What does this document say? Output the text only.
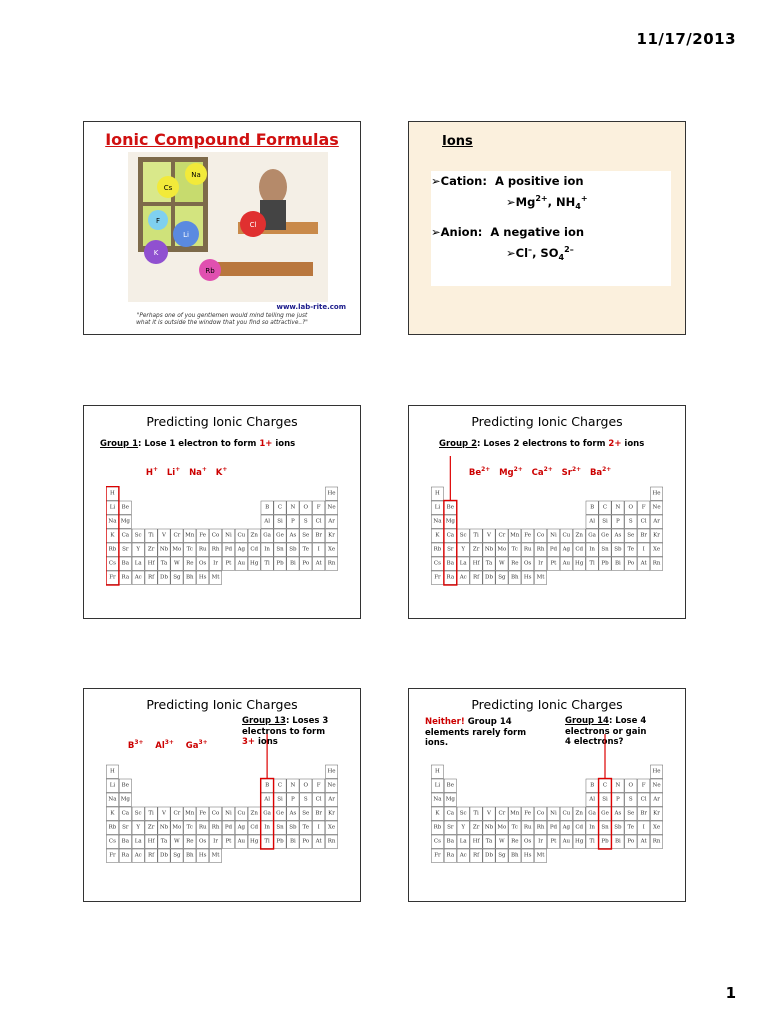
11/17/2013
Ionic Compound Formulas
Cs
Na
F
Li
Cl
K
Rb
www.lab-rite.com
"Perhaps one of you gentlemen would mind telling me just
what it is outside the window that you find so attractive..?"
Ions
➢Cation: A positive ion
$➢Mg^{2+}$, $NH_4^+$
➢Anion: A negative ion
➢Cl–, $SO_4^{2-}$
Predicting Ionic Charges
Group 1: Lose 1 electron to form 1+ ions

H+ Li+ Na+ K+

H	He
Li Be	B C N O F Ne
Na Mg	Al Si P S Cl Ar
K Ca Sc Ti V Cr Mn Fe Co Ni Cu Zn Ga Ge As Se Br Kr
Rb Sr Y Zr Nb Mo Tc Ru Rh Pd Ag Cd In Sn Sb Te I Xe
Cs Ba La Hf Ta W Re Os Ir Pt Au Hg Tl Pb Bi Po At Rn
Fr Ra Ac Rf Db Sg Bh Hs Mt
Predicting Ionic Charges
Group 2: Loses 2 electrons to form 2+ ions

$Be^{2+}$ $Mg^{2+}$ $Ca^{2+}$ $Sr^{2+}$ $Ba^{2+}$

H	He
Li Be	B C N O F Ne
Na Mg	Al Si P S Cl Ar
K Ca Sc Ti V Cr Mn Fe Co Ni Cu Zn Ga Ge As Se Br Kr
Rb Sr Y Zr Nb Mo Tc Ru Rh Pd Ag Cd In Sn Sb Te I Xe
Cs Ba La Hf Ta W Re Os Ir Pt Au Hg Tl Pb Bi Po At Rn
Fr Ra Ac Rf Db Sg Bh Hs Mt
Predicting Ionic Charges
Group 13: Loses 3
electrons to form
3+ ions

$B^{3+}$ $Al^{3+}$ $Ga^{3+}$

H	He
Li Be	B C N O F Ne
Na Mg	Al Si P S Cl Ar
K Ca Sc Ti V Cr Mn Fe Co Ni Cu Zn Ga Ge As Se Br Kr
Rb Sr Y Zr Nb Mo Tc Ru Rh Pd Ag Cd In Sn Sb Te I Xe
Cs Ba La Hf Ta W Re Os Ir Pt Au Hg Tl Pb Bi Po At Rn
Fr Ra Ac Rf Db Sg Bh Hs Mt
Predicting Ionic Charges
Neither! Group 14
elements rarely form
ions.
Group 14: Lose 4
electrons or gain
4 electrons?
H	He
Li Be	B C N O F Ne
Na Mg	Al Si P S Cl Ar
K Ca Sc Ti V Cr Mn Fe Co Ni Cu Zn Ga Ge As Se Br Kr
Rb Sr Y Zr Nb Mo Tc Ru Rh Pd Ag Cd In Sn Sb Te I Xe
Cs Ba La Hf Ta W Re Os Ir Pt Au Hg Tl Pb Bi Po At Rn
Fr Ra Ac Rf Db Sg Bh Hs Mt
1
